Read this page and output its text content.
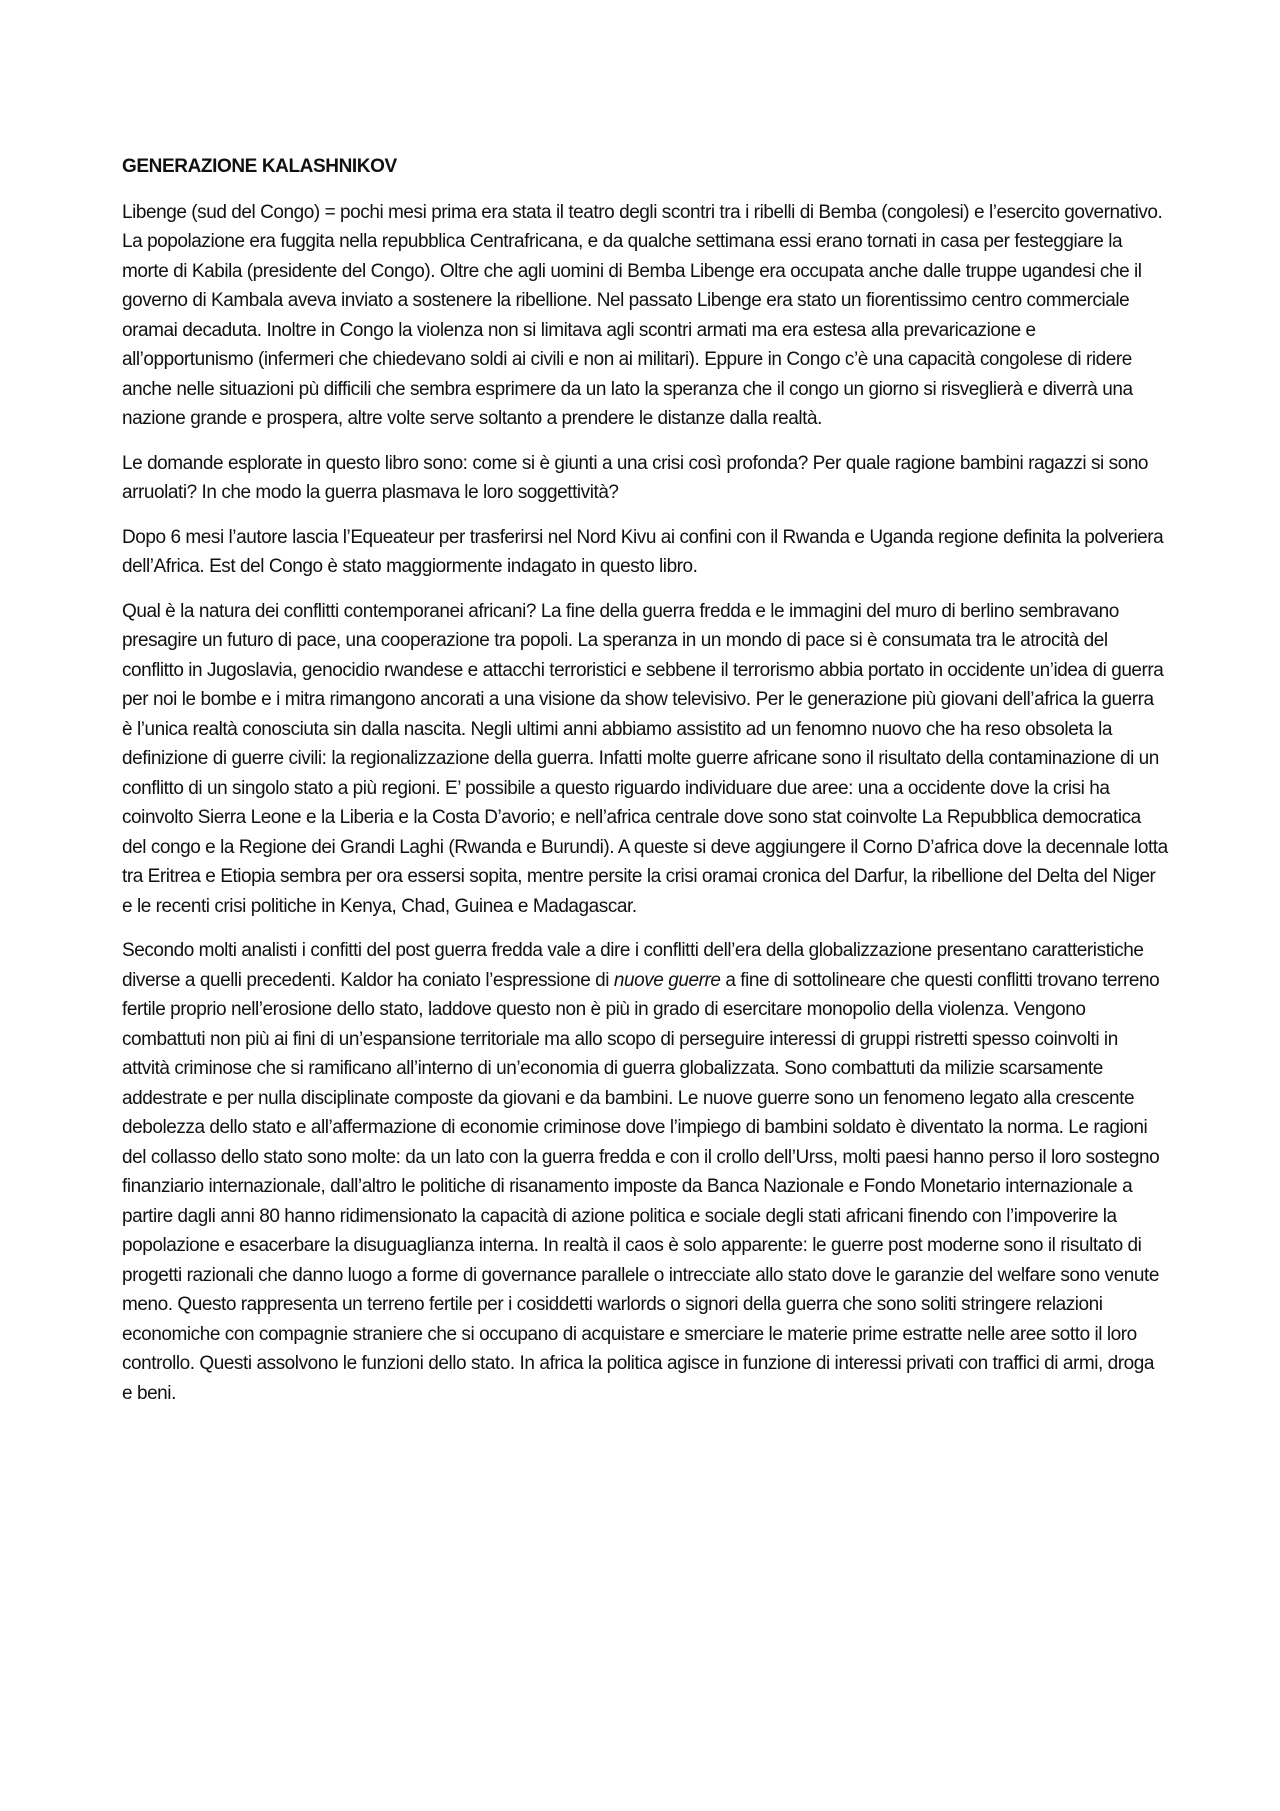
GENERAZIONE KALASHNIKOV

Libenge (sud del Congo) = pochi mesi prima era stata il teatro degli scontri tra i ribelli di Bemba (congolesi) e l’esercito governativo. La popolazione era fuggita nella repubblica Centrafricana, e da qualche settimana essi erano tornati in casa per festeggiare la morte di Kabila (presidente del Congo). Oltre che agli uomini di Bemba Libenge era occupata anche dalle truppe ugandesi che il governo di Kambala aveva inviato a sostenere la ribellione. Nel passato Libenge era stato un fiorentissimo centro commerciale oramai decaduta. Inoltre in Congo la violenza non si limitava agli scontri armati ma era estesa alla prevaricazione e all’opportunismo (infermeri che chiedevano soldi ai civili e non ai militari). Eppure in Congo c’è una capacità congolese di ridere anche nelle situazioni pù difficili che sembra esprimere da un lato la speranza che il congo un giorno si risveglierà e diverrà una nazione grande e prospera, altre volte serve soltanto a prendere le distanze dalla realtà.

Le domande esplorate in questo libro sono: come si è giunti a una crisi così profonda? Per quale ragione bambini ragazzi si sono arruolati? In che modo la guerra plasmava le loro soggettività?

Dopo 6 mesi l’autore lascia l’Equeateur per trasferirsi nel Nord Kivu ai confini con il Rwanda e Uganda regione definita la polveriera dell’Africa. Est del Congo è stato maggiormente indagato in questo libro.

Qual è la natura dei conflitti contemporanei africani? La fine della guerra fredda e le immagini del muro di berlino sembravano presagire un futuro di pace, una cooperazione tra popoli. La speranza in un mondo di pace si è consumata tra le atrocità del conflitto in Jugoslavia, genocidio rwandese e attacchi terroristici e sebbene il terrorismo abbia portato in occidente un’idea di guerra per noi le bombe e i mitra rimangono ancorati a una visione da show televisivo. Per le generazione più giovani dell’africa la guerra è l’unica realtà conosciuta sin dalla nascita. Negli ultimi anni abbiamo assistito ad un fenomno nuovo che ha reso obsoleta la definizione di guerre civili: la regionalizzazione della guerra. Infatti molte guerre africane sono il risultato della contaminazione di un conflitto di un singolo stato a più regioni. E’ possibile a questo riguardo individuare due aree: una a occidente dove la crisi ha coinvolto Sierra Leone e la Liberia e la Costa D’avorio; e nell’africa centrale dove sono stat coinvolte La Repubblica democratica del congo e la Regione dei Grandi Laghi (Rwanda e Burundi). A queste si deve aggiungere il Corno D’africa dove la decennale lotta tra Eritrea e Etiopia sembra per ora essersi sopita, mentre persite la crisi oramai cronica del Darfur, la ribellione del Delta del Niger e le recenti crisi politiche in Kenya, Chad, Guinea e Madagascar.

Secondo molti analisti i confitti del post guerra fredda vale a dire i conflitti dell’era della globalizzazione presentano caratteristiche diverse a quelli precedenti. Kaldor ha coniato l’espressione di nuove guerre a fine di sottolineare che questi conflitti trovano terreno fertile proprio nell’erosione dello stato, laddove questo non è più in grado di esercitare monopolio della violenza. Vengono combattuti non più ai fini di un’espansione territoriale ma allo scopo di perseguire interessi di gruppi ristretti spesso coinvolti in attvità criminose che si ramificano all’interno di un’economia di guerra globalizzata. Sono combattuti da milizie scarsamente addestrate e per nulla disciplinate composte da giovani e da bambini. Le nuove guerre sono un fenomeno legato alla crescente debolezza dello stato e all’affermazione di economie criminose dove l’impiego di bambini soldato è diventato la norma. Le ragioni del collasso dello stato sono molte: da un lato con la guerra fredda e con il crollo dell’Urss, molti paesi hanno perso il loro sostegno finanziario internazionale, dall’altro le politiche di risanamento imposte da Banca Nazionale e Fondo Monetario internazionale a partire dagli anni 80 hanno ridimensionato la capacità di azione politica e sociale degli stati africani finendo con l’impoverire la popolazione e esacerbare la disuguaglianza interna. In realtà il caos è solo apparente: le guerre post moderne sono il risultato di progetti razionali che danno luogo a forme di governance parallele o intrecciate allo stato dove le garanzie del welfare sono venute meno. Questo rappresenta un terreno fertile per i cosiddetti warlords o signori della guerra che sono soliti stringere relazioni economiche con compagnie straniere che si occupano di acquistare e smerciare le materie prime estratte nelle aree sotto il loro controllo. Questi assolvono le funzioni dello stato. In africa la politica agisce in funzione di interessi privati con traffici di armi, droga e beni.
